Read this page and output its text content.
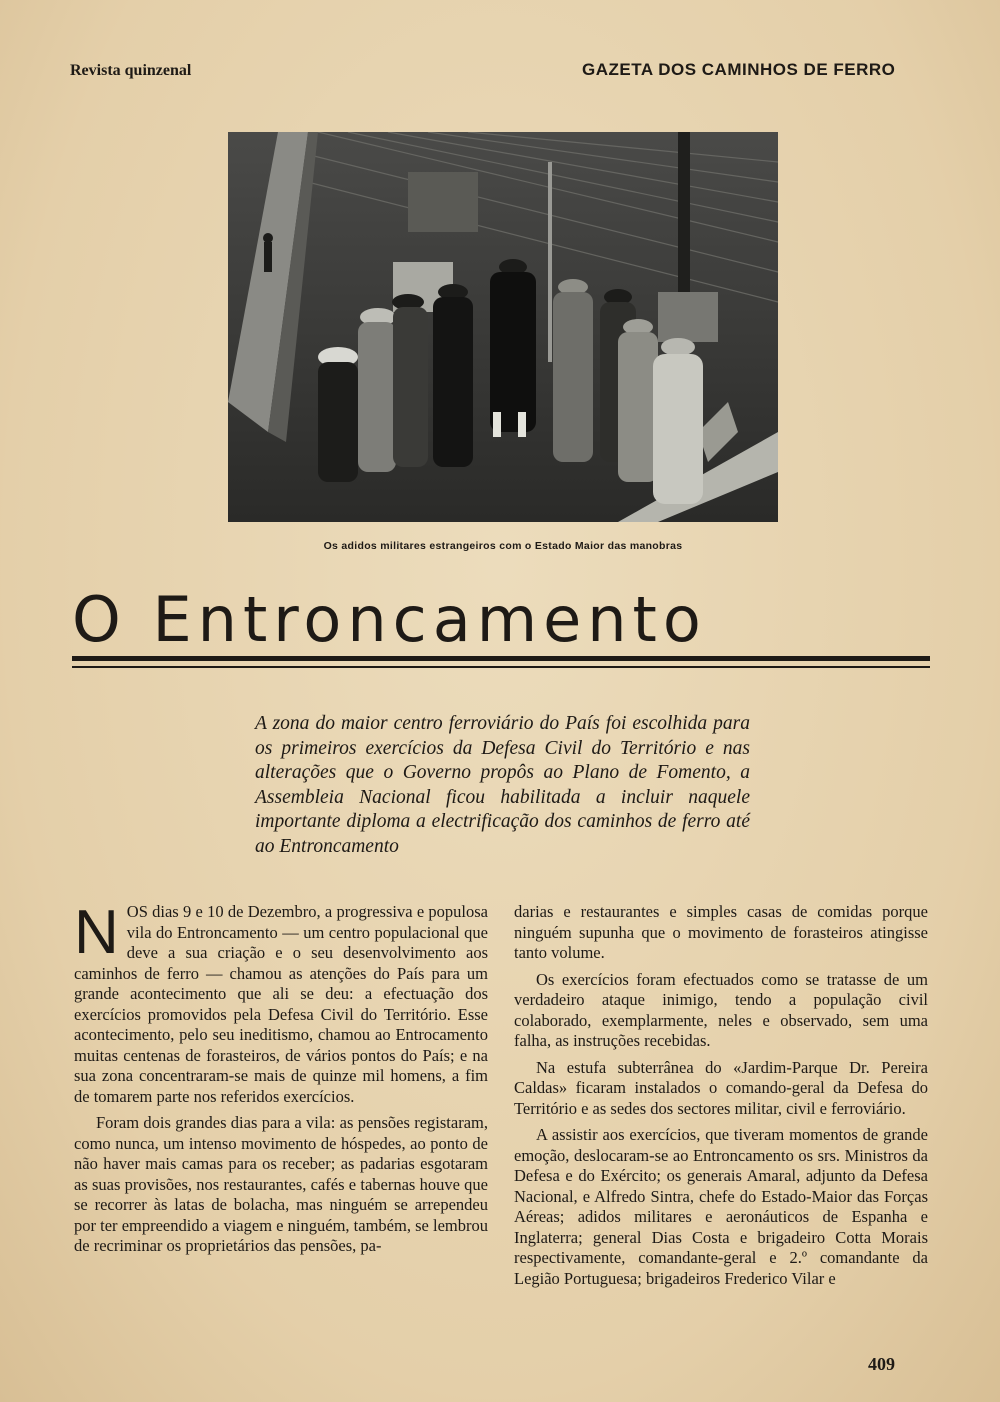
Revista quinzenal	GAZETA DOS CAMINHOS DE FERRO
Os adidos militares estrangeiros com o Estado Maior das manobras
O Entroncamento
A zona do maior centro ferroviário do País foi escolhida para os primeiros exercícios da Defesa Civil do Território e nas alterações que o Governo propôs ao Plano de Fomento, a Assembleia Nacional ficou habilitada a incluir naquele importante diploma a electrificação dos caminhos de ferro até ao Entroncamento

NOS dias 9 e 10 de Dezembro, a progressiva e populosa vila do Entroncamento — um centro populacional que deve a sua criação e o seu desenvolvimento aos caminhos de ferro — chamou as atenções do País para um grande acontecimento que ali se deu: a efectuação dos exercícios promovidos pela Defesa Civil do Território. Esse acontecimento, pelo seu ineditismo, chamou ao Entrocamento muitas centenas de forasteiros, de vários pontos do País; e na sua zona concentraram-se mais de quinze mil homens, a fim de tomarem parte nos referidos exercícios.

Foram dois grandes dias para a vila: as pensões registaram, como nunca, um intenso movimento de hóspedes, ao ponto de não haver mais camas para os receber; as padarias esgotaram as suas provisões, nos restaurantes, cafés e tabernas houve que se recorrer às latas de bolacha, mas ninguém se arrependeu por ter empreendido a viagem e ninguém, também, se lembrou de recriminar os proprietários das pensões, pa-

darias e restaurantes e simples casas de comidas porque ninguém supunha que o movimento de forasteiros atingisse tanto volume.

Os exercícios foram efectuados como se tratasse de um verdadeiro ataque inimigo, tendo a população civil colaborado, exemplarmente, neles e observado, sem uma falha, as instruções recebidas.

Na estufa subterrânea do «Jardim-Parque Dr. Pereira Caldas» ficaram instalados o comando-geral da Defesa do Território e as sedes dos sectores militar, civil e ferroviário.

A assistir aos exercícios, que tiveram momentos de grande emoção, deslocaram-se ao Entroncamento os srs. Ministros da Defesa e do Exército; os generais Amaral, adjunto da Defesa Nacional, e Alfredo Sintra, chefe do Estado-Maior das Forças Aéreas; adidos militares e aeronáuticos de Espanha e Inglaterra; general Dias Costa e brigadeiro Cotta Morais respectivamente, comandante-geral e 2.º comandante da Legião Portuguesa; brigadeiros Frederico Vilar e

409
